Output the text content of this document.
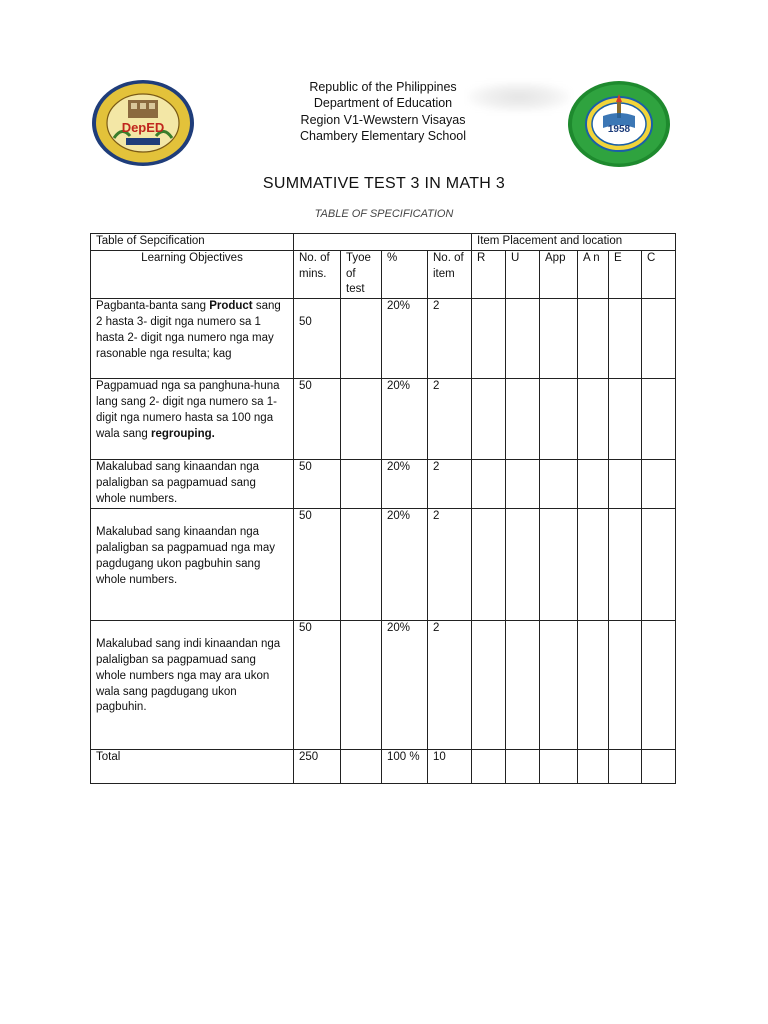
DepED
Republic of the Philippines
Department of Education
Region V1-Wewstern Visayas
Chambery Elementary School	1958
SUMMATIVE TEST 3 IN MATH 3
TABLE OF SPECIFICATION
Table of Sepcification					Item Placement and location					
Learning Objectives	No. of mins.	Tyoe of test	%	No. of item	R	U	App	A n	E	C
Pagbanta-banta sang Product sang 2 hasta 3- digit nga numero sa 1 hasta 2- digit nga numero nga may rasonable nga resulta; kag	50		20%	2						
Pagpamuad nga sa panghuna-huna lang sang 2- digit nga numero sa 1- digit nga numero hasta sa 100 nga wala sang regrouping.	50		20%	2						
Makalubad sang kinaandan nga palaligban sa pagpamuad sang whole numbers.	50		20%	2						
Makalubad sang kinaandan nga palaligban sa pagpamuad nga may pagdugang ukon pagbuhin sang whole numbers.	50		20%	2						
Makalubad sang indi kinaandan nga palaligban sa pagpamuad sang whole numbers nga may ara ukon wala sang pagdugang ukon pagbuhin.	50		20%	2						
Total	250		100 %	10						
